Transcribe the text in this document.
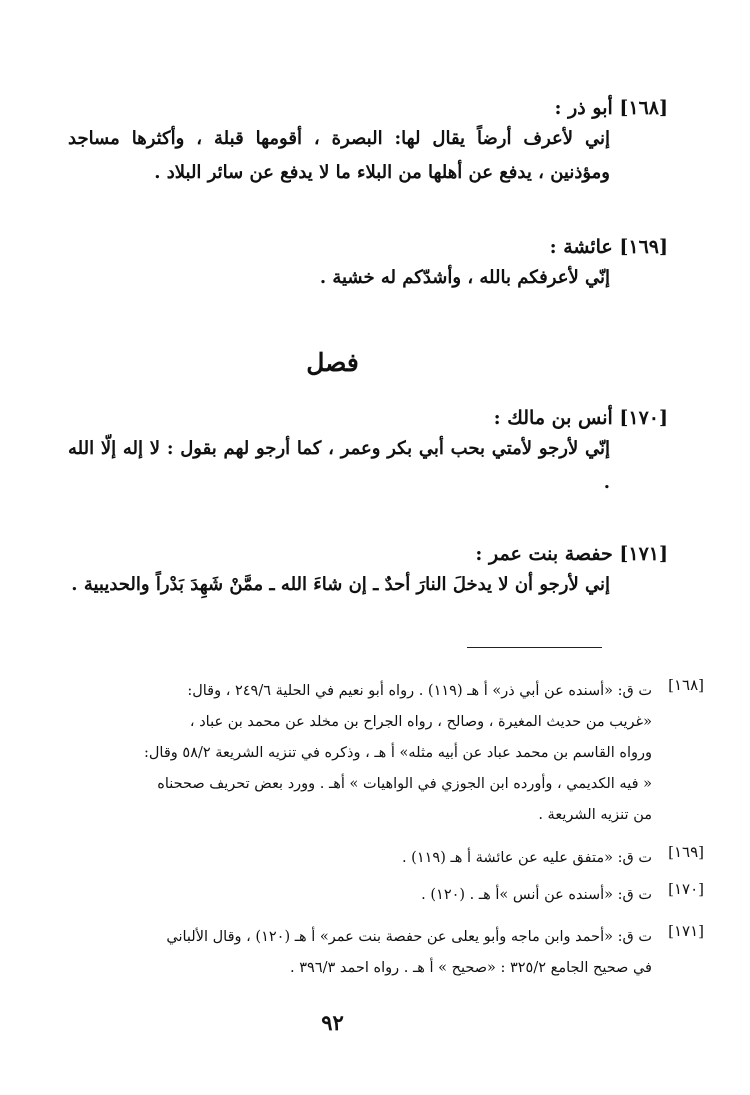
[١٦٨] أبو ذر :
إني لأعرف أرضاً يقال لها: البصرة ، أقومها قبلة ، وأكثرها مساجد ومؤذنين ، يدفع عن أهلها من البلاء ما لا يدفع عن سائر البلاد .
[١٦٩] عائشة :
إنّي لأعرفكم بالله ، وأشدّكم له خشية .
فصل
[١٧٠] أنس بن مالك :
إنّي لأرجو لأمتي بحب أبي بكر وعمر ، كما أرجو لهم بقول : لا إله إلّا الله .
[١٧١] حفصة بنت عمر :
إني لأرجو أن لا يدخلَ النارَ أحدٌ ـ إن شاءَ الله ـ ممَّنْ شَهِدَ بَدْراً والحديبية .
[١٦٨]
ت ق: «أسنده عن أبي ذر» أ هـ (١١٩) . رواه أبو نعيم في الحلية ٢٤٩/٦ ، وقال:
«غريب من حديث المغيرة ، وصالح ، رواه الجراح بن مخلد عن محمد بن عباد ،
ورواه القاسم بن محمد عباد عن أبيه مثله» أ هـ ، وذكره في تنزيه الشريعة ٥٨/٢ وقال:
« فيه الكديمي ، وأورده ابن الجوزي في الواهيات » أهـ . وورد بعض تحريف صححناه
من تنزيه الشريعة .
[١٦٩]
ت ق: «متفق عليه عن عائشة أ هـ (١١٩) .
[١٧٠]
ت ق: «أسنده عن أنس »أ هـ . (١٢٠) .
[١٧١]
ت ق: «أحمد وابن ماجه وأبو يعلى عن حفصة بنت عمر» أ هـ (١٢٠) ، وقال الألباني
في صحيح الجامع ٣٢٥/٢ : «صحيح » أ هـ . رواه احمد ٣٩٦/٣ .
٩٢
